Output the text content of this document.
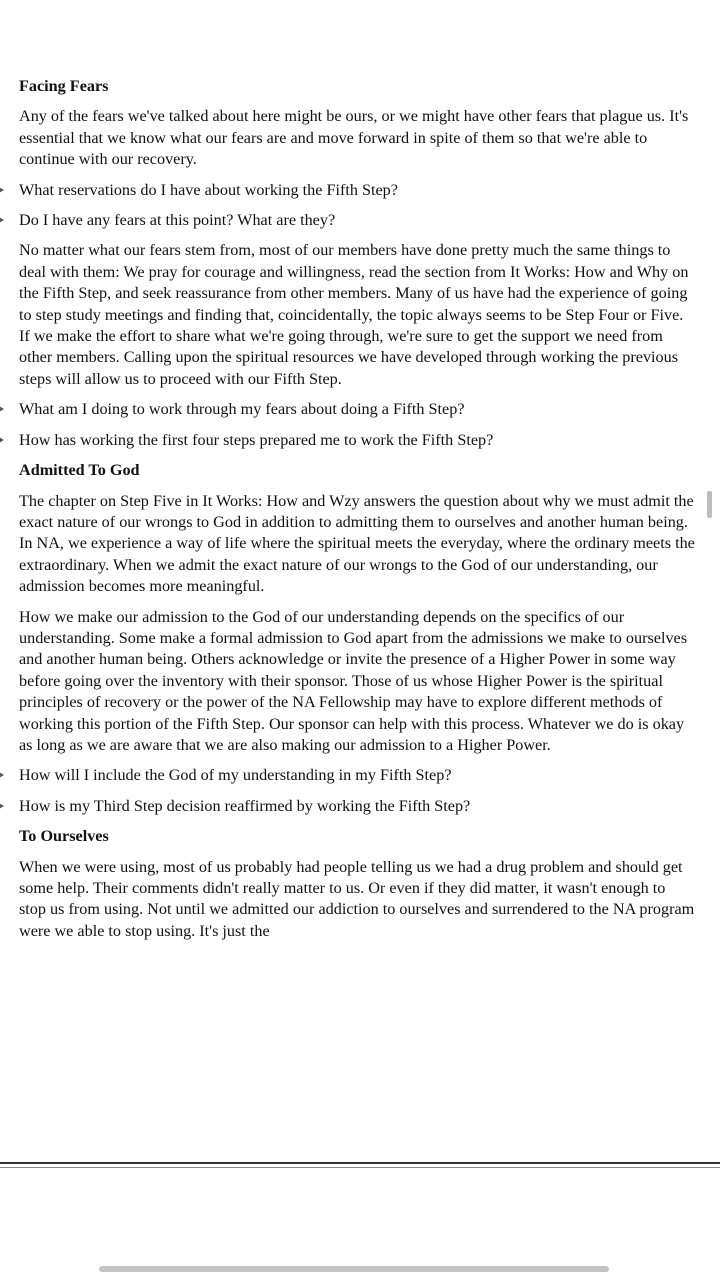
Facing Fears
Any of the fears we've talked about here might be ours, or we might have other fears that plague us. It's essential that we know what our fears are and move forward in spite of them so that we're able to continue with our recovery.
What reservations do I have about working the Fifth Step?
Do I have any fears at this point? What are they?
No matter what our fears stem from, most of our members have done pretty much the same things to deal with them: We pray for courage and willingness, read the section from It Works: How and Why on the Fifth Step, and seek reassurance from other members. Many of us have had the experience of going to step study meetings and finding that, coincidentally, the topic always seems to be Step Four or Five. If we make the effort to share what we're going through, we're sure to get the support we need from other members. Calling upon the spiritual resources we have developed through working the previous steps will allow us to proceed with our Fifth Step.
What am I doing to work through my fears about doing a Fifth Step?
How has working the first four steps prepared me to work the Fifth Step?
Admitted To God
The chapter on Step Five in It Works: How and Wzy answers the question about why we must admit the exact nature of our wrongs to God in addition to admitting them to ourselves and another human being. In NA, we experience a way of life where the spiritual meets the everyday, where the ordinary meets the extraordinary. When we admit the exact nature of our wrongs to the God of our understanding, our admission becomes more meaningful.
How we make our admission to the God of our understanding depends on the specifics of our understanding. Some make a formal admission to God apart from the admissions we make to ourselves and another human being. Others acknowledge or invite the presence of a Higher Power in some way before going over the inventory with their sponsor. Those of us whose Higher Power is the spiritual principles of recovery or the power of the NA Fellowship may have to explore different methods of working this portion of the Fifth Step. Our sponsor can help with this process. Whatever we do is okay as long as we are aware that we are also making our admission to a Higher Power.
How will I include the God of my understanding in my Fifth Step?
How is my Third Step decision reaffirmed by working the Fifth Step?
To Ourselves
When we were using, most of us probably had people telling us we had a drug problem and should get some help. Their comments didn't really matter to us. Or even if they did matter, it wasn't enough to stop us from using. Not until we admitted our addiction to ourselves and surrendered to the NA program were we able to stop using. It's just the
